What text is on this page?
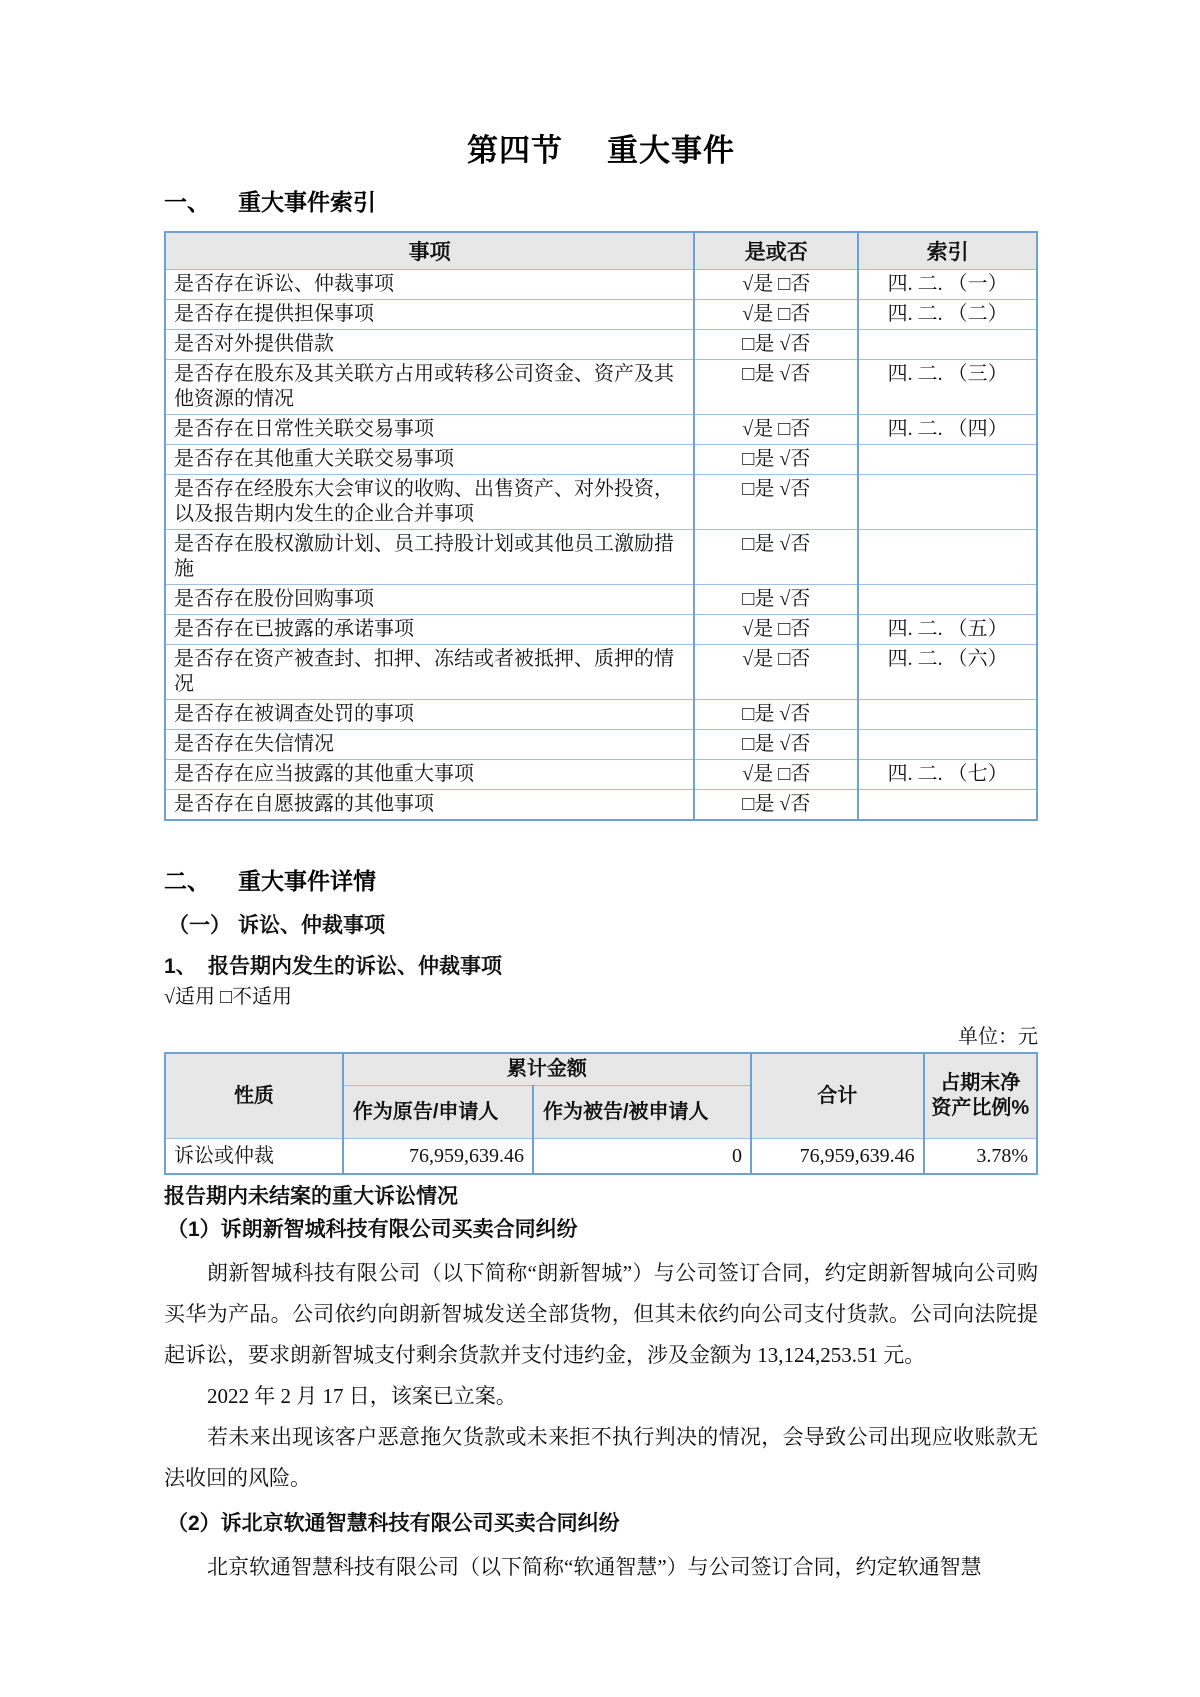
第四节 重大事件
一、 重大事件索引
事项	是或否	索引
是否存在诉讼、仲裁事项	√是 □否	四. 二. （一）
是否存在提供担保事项	√是 □否	四. 二. （二）
是否对外提供借款	□是 √否	
是否存在股东及其关联方占用或转移公司资金、资产及其他资源的情况	□是 √否	四. 二. （三）
是否存在日常性关联交易事项	√是 □否	四. 二. （四）
是否存在其他重大关联交易事项	□是 √否	
是否存在经股东大会审议的收购、出售资产、对外投资，以及报告期内发生的企业合并事项	□是 √否	
是否存在股权激励计划、员工持股计划或其他员工激励措施	□是 √否	
是否存在股份回购事项	□是 √否	
是否存在已披露的承诺事项	√是 □否	四. 二. （五）
是否存在资产被查封、扣押、冻结或者被抵押、质押的情况	√是 □否	四. 二. （六）
是否存在被调查处罚的事项	□是 √否	
是否存在失信情况	□是 √否	
是否存在应当披露的其他重大事项	√是 □否	四. 二. （七）
是否存在自愿披露的其他事项	□是 √否	
二、 重大事件详情
（一） 诉讼、仲裁事项
1、 报告期内发生的诉讼、仲裁事项
√适用 □不适用
单位：元
性质	累计金额		合计	占期末净资产比例%
	作为原告/申请人	作为被告/被申请人		
诉讼或仲裁	76,959,639.46	0	76,959,639.46	3.78%
报告期内未结案的重大诉讼情况
（1）诉朗新智城科技有限公司买卖合同纠纷

朗新智城科技有限公司（以下简称“朗新智城”）与公司签订合同，约定朗新智城向公司购买华为产品。公司依约向朗新智城发送全部货物，但其未依约向公司支付货款。公司向法院提起诉讼，要求朗新智城支付剩余货款并支付违约金，涉及金额为 13,124,253.51 元。

2022 年 2 月 17 日，该案已立案。

若未来出现该客户恶意拖欠货款或未来拒不执行判决的情况，会导致公司出现应收账款无法收回的风险。

（2）诉北京软通智慧科技有限公司买卖合同纠纷

北京软通智慧科技有限公司（以下简称“软通智慧”）与公司签订合同，约定软通智慧
